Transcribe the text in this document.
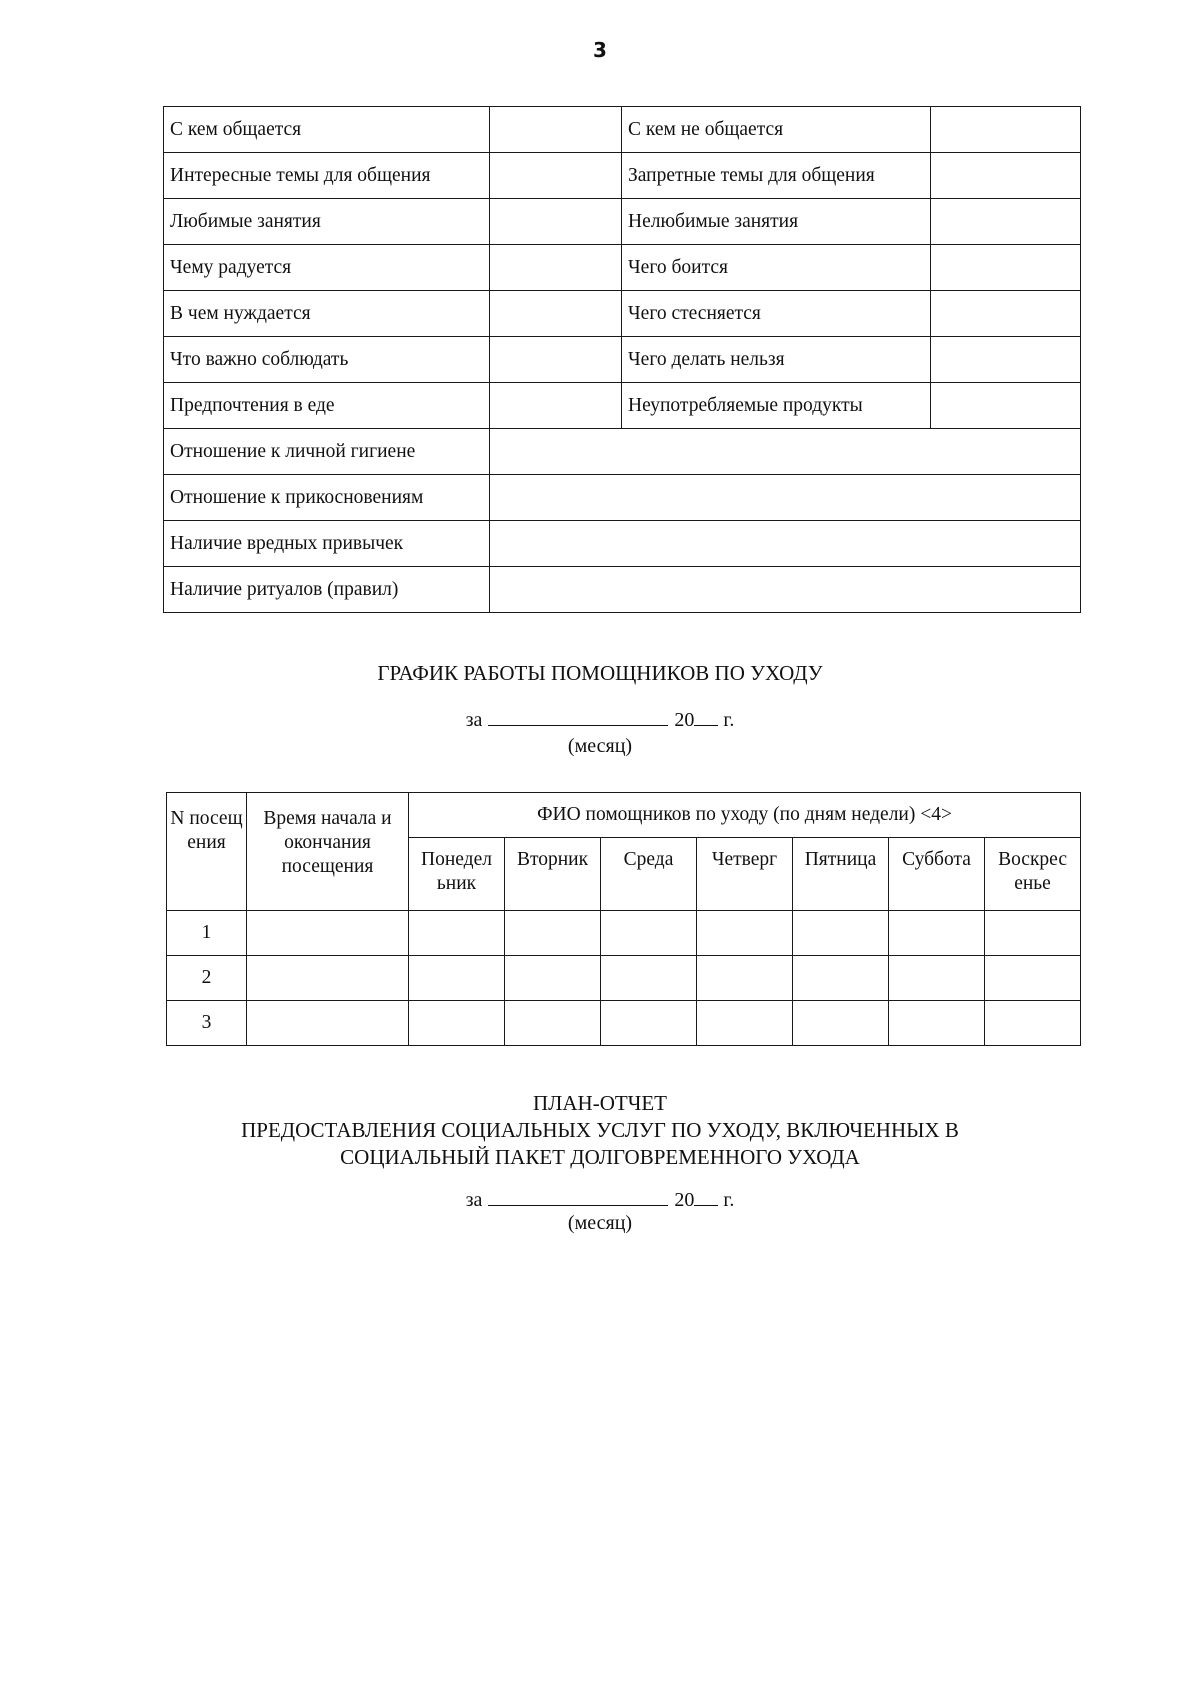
3
С кем общается		С кем не общается	
Интересные темы для общения		Запретные темы для общения	
Любимые занятия		Нелюбимые занятия	
Чему радуется		Чего боится	
В чем нуждается		Чего стесняется	
Что важно соблюдать		Чего делать нельзя	
Предпочтения в еде		Неупотребляемые продукты	
Отношение к личной гигиене			
Отношение к прикосновениям			
Наличие вредных привычек			
Наличие ритуалов (правил)			
ГРАФИК РАБОТЫ ПОМОЩНИКОВ ПО УХОДУ
за	20 г.
(месяц)
N посещ ения	Время начала и окончания посещения	ФИО помощников по уходу (по дням недели) <4>						
		Понедел ьник	Вторник	Среда	Четверг	Пятница	Суббота	Воскрес енье
1								
2								
3								
ПЛАН-ОТЧЕТ
ПРЕДОСТАВЛЕНИЯ СОЦИАЛЬНЫХ УСЛУГ ПО УХОДУ, ВКЛЮЧЕННЫХ В
СОЦИАЛЬНЫЙ ПАКЕТ ДОЛГОВРЕМЕННОГО УХОДА
за	20 г.
(месяц)
